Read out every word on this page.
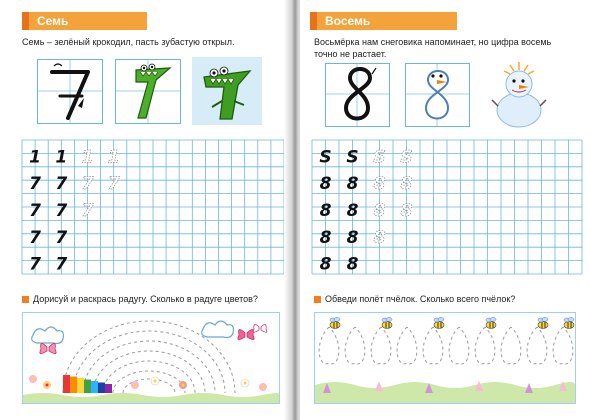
Семь
Семь – зелёный крокодил, пасть зубастую открыл.
1 1 1 1
7 7 7 7
7 7 7
7 7
7 7
Дорисуй и раскрась радугу. Сколько в радуге цветов?
Восемь
Восьмёрка нам снеговика напоминает, но цифра восемь
точно не растает.
S S S S
8 8 8 8
8 8 8 8
8 8 8
8 8
Обведи полёт пчёлок. Сколько всего пчёлок?
